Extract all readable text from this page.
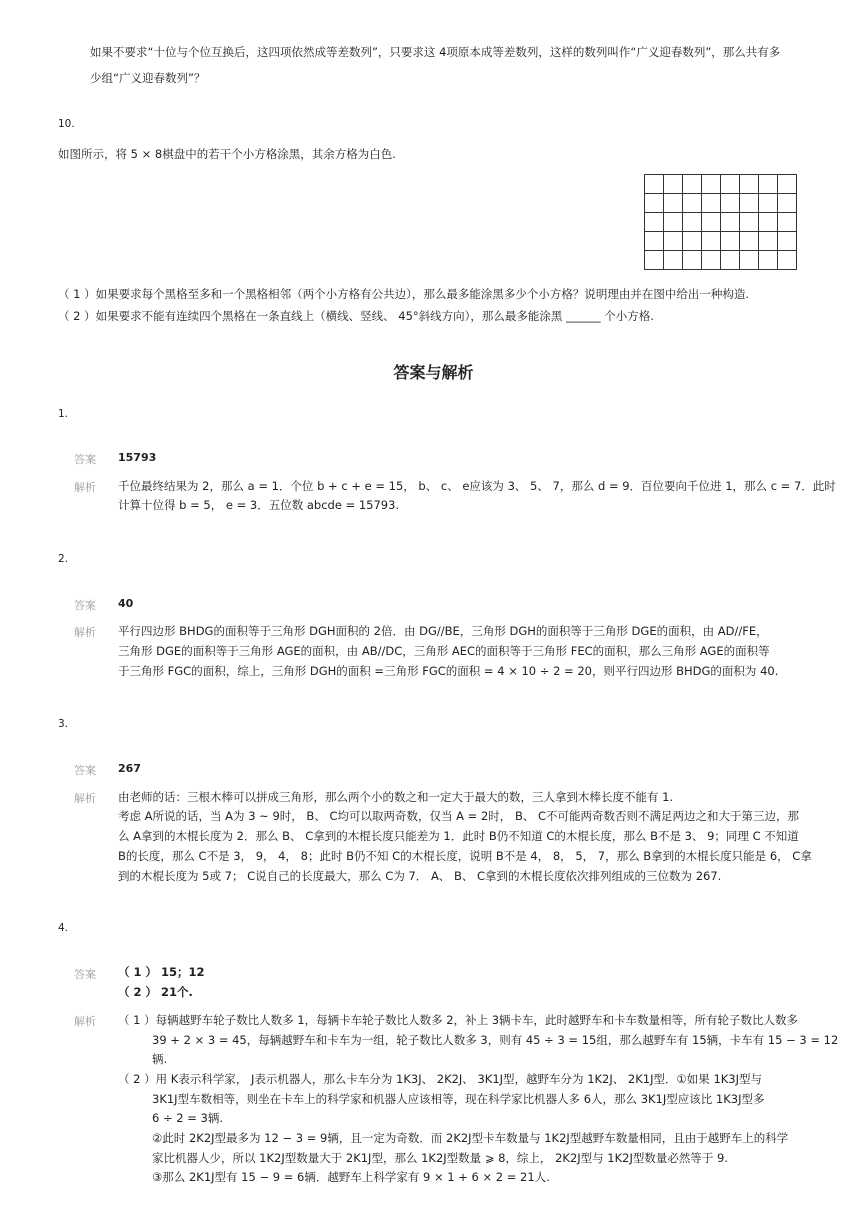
如果不要求“十位与个位互换后，这四项依然成等差数列”，只要求这 4项原本成等差数列，这样的数列叫作“广义迎春数列”，那么共有多
少组“广义迎春数列”？
10.
如图所示，将 5 × 8棋盘中的若干个小方格涂黑，其余方格为白色.

（ 1 ）如果要求每个黑格至多和一个黑格相邻（两个小方格有公共边），那么最多能涂黑多少个小方格？说明理由并在图中给出一种构造.
（ 2 ）如果要求不能有连续四个黑格在一条直线上（横线、竖线、 45°斜线方向），那么最多能涂黑 ______ 个小方格.
答案与解析
1.
答案 15793
解析 千位最终结果为 2，那么 a = 1．个位 b + c + e = 15， b、 c、 e应该为 3、 5、 7，那么 d = 9．百位要向千位进 1，那么 c = 7．此时
计算十位得 b = 5， e = 3．五位数 abcde = 15793.
2.
答案 40
解析 平行四边形 BHDG的面积等于三角形 DGH面积的 2倍．由 DG//BE，三角形 DGH的面积等于三角形 DGE的面积，由 AD//FE，
三角形 DGE的面积等于三角形 AGE的面积，由 AB//DC，三角形 AEC的面积等于三角形 FEC的面积，那么三角形 AGE的面积等
于三角形 FGC的面积，综上，三角形 DGH的面积 =三角形 FGC的面积 = 4 × 10 ÷ 2 = 20，则平行四边形 BHDG的面积为 40.
3.
答案 267
解析 由老师的话：三根木棒可以拼成三角形，那么两个小的数之和一定大于最大的数，三人拿到木棒长度不能有 1.
考虑 A所说的话，当 A为 3 ~ 9时， B、 C均可以取两奇数，仅当 A = 2时， B、 C不可能两奇数否则不满足两边之和大于第三边，那
么 A拿到的木棍长度为 2．那么 B、 C拿到的木棍长度只能差为 1．此时 B仍不知道 C的木棍长度，那么 B不是 3、 9；同理 C 不知道
B的长度，那么 C不是 3， 9， 4， 8；此时 B仍不知 C的木棍长度，说明 B不是 4， 8， 5， 7，那么 B拿到的木棍长度只能是 6， C拿
到的木棍长度为 5或 7； C说自己的长度最大，那么 C为 7． A、 B、 C拿到的木棍长度依次排列组成的三位数为 267.
4.
答案 （ 1 ） 15；12
（ 2 ） 21个.
解析 （ 1 ）每辆越野车轮子数比人数多 1，每辆卡车轮子数比人数多 2，补上 3辆卡车，此时越野车和卡车数量相等，所有轮子数比人数多
39 + 2 × 3 = 45，每辆越野车和卡车为一组，轮子数比人数多 3，则有 45 ÷ 3 = 15组，那么越野车有 15辆，卡车有 15 − 3 = 12
辆.
（ 2 ）用 K表示科学家， J表示机器人，那么卡车分为 1K3J、 2K2J、 3K1J型，越野车分为 1K2J、 2K1J型．①如果 1K3J型与
3K1J型车数相等，则坐在卡车上的科学家和机器人应该相等，现在科学家比机器人多 6人，那么 3K1J型应该比 1K3J型多
6 ÷ 2 = 3辆.
②此时 2K2J型最多为 12 − 3 = 9辆，且一定为奇数．而 2K2J型卡车数量与 1K2J型越野车数量相同，且由于越野车上的科学
家比机器人少，所以 1K2J型数量大于 2K1J型，那么 1K2J型数量 ⩾ 8，综上， 2K2J型与 1K2J型数量必然等于 9.
③那么 2K1J型有 15 − 9 = 6辆．越野车上科学家有 9 × 1 + 6 × 2 = 21人.
